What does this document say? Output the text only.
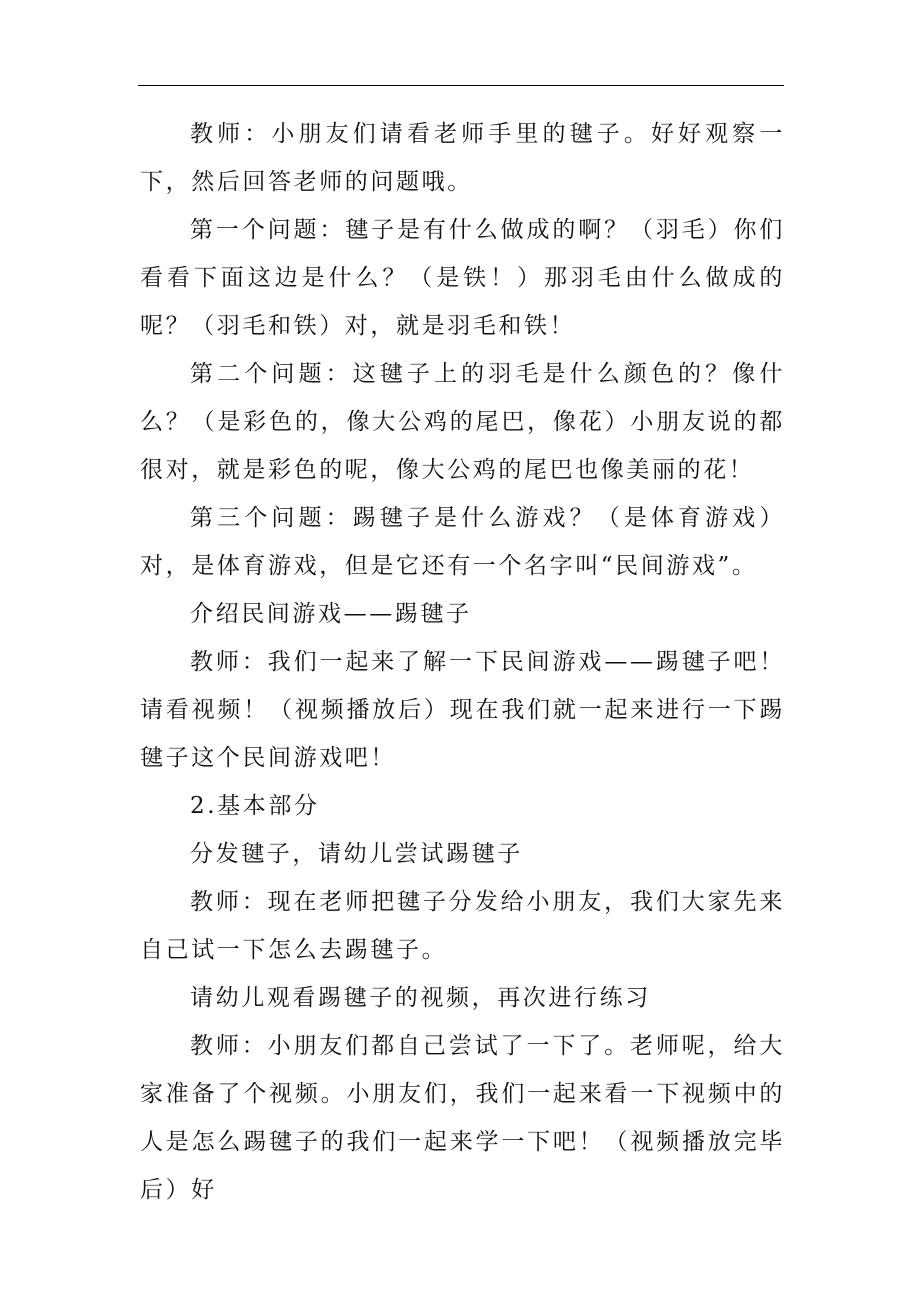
教师：小朋友们请看老师手里的毽子。好好观察一下，然后回答老师的问题哦。

第一个问题：毽子是有什么做成的啊？（羽毛）你们看看下面这边是什么？（是铁！）那羽毛由什么做成的呢？（羽毛和铁）对，就是羽毛和铁！

第二个问题：这毽子上的羽毛是什么颜色的？像什么？（是彩色的，像大公鸡的尾巴，像花）小朋友说的都很对，就是彩色的呢，像大公鸡的尾巴也像美丽的花！

第三个问题：踢毽子是什么游戏？（是体育游戏）对，是体育游戏，但是它还有一个名字叫“民间游戏”。

介绍民间游戏——踢毽子

教师：我们一起来了解一下民间游戏——踢毽子吧！请看视频！（视频播放后）现在我们就一起来进行一下踢毽子这个民间游戏吧！

2.基本部分

分发毽子，请幼儿尝试踢毽子

教师：现在老师把毽子分发给小朋友，我们大家先来自己试一下怎么去踢毽子。

请幼儿观看踢毽子的视频，再次进行练习

教师：小朋友们都自己尝试了一下了。老师呢，给大家准备了个视频。小朋友们，我们一起来看一下视频中的人是怎么踢毽子的我们一起来学一下吧！（视频播放完毕后）好
